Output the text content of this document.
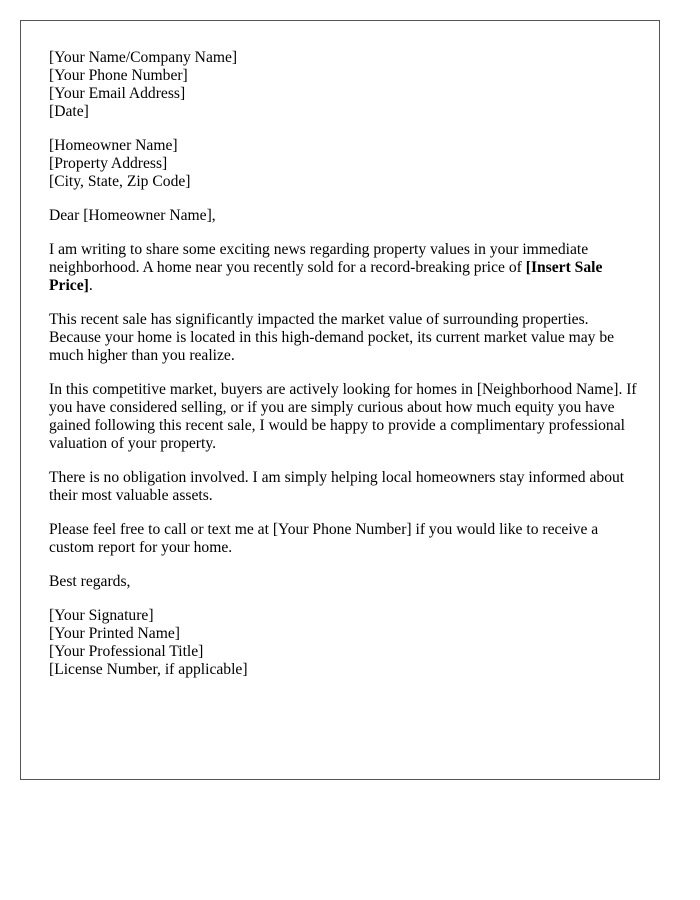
[Your Name/Company Name]
[Your Phone Number]
[Your Email Address]
[Date]
[Homeowner Name]
[Property Address]
[City, State, Zip Code]

Dear [Homeowner Name],

I am writing to share some exciting news regarding property values in your immediate neighborhood. A home near you recently sold for a record-breaking price of [Insert Sale Price].

This recent sale has significantly impacted the market value of surrounding properties. Because your home is located in this high-demand pocket, its current market value may be much higher than you realize.

In this competitive market, buyers are actively looking for homes in [Neighborhood Name]. If you have considered selling, or if you are simply curious about how much equity you have gained following this recent sale, I would be happy to provide a complimentary professional valuation of your property.

There is no obligation involved. I am simply helping local homeowners stay informed about their most valuable assets.

Please feel free to call or text me at [Your Phone Number] if you would like to receive a custom report for your home.

Best regards,

[Your Signature]
[Your Printed Name]
[Your Professional Title]
[License Number, if applicable]
